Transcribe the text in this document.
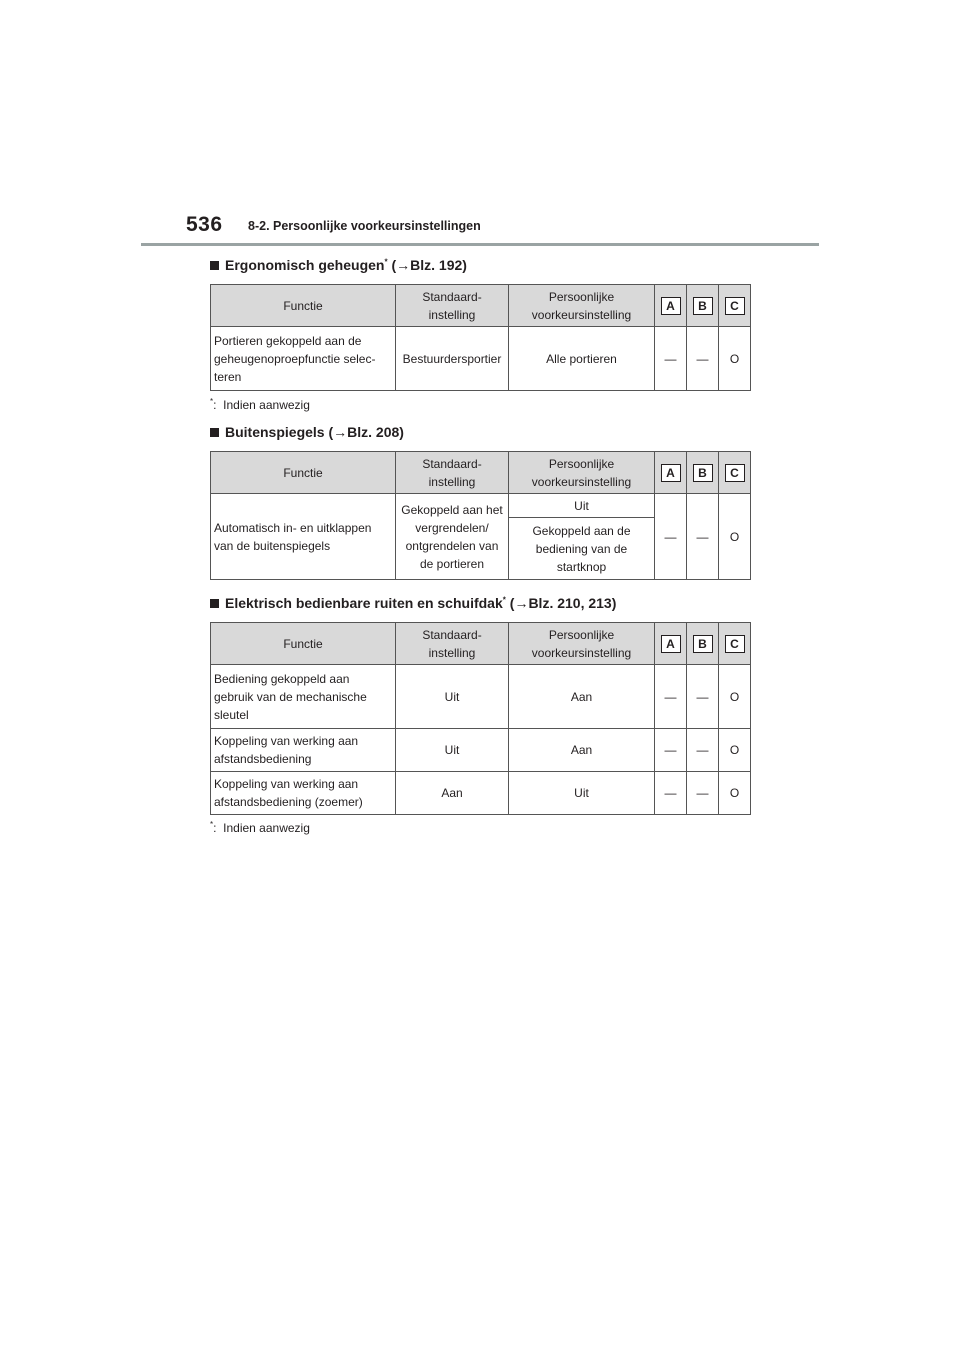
536 8-2. Persoonlijke voorkeursinstellingen
Ergonomisch geheugen* (→Blz. 192)
Functie	Standaard-instelling	Persoonlijke voorkeursinstelling	A	B	C
Portieren gekoppeld aan de geheugenoproepfunctie selec-teren	Bestuurdersportier	Alle portieren	—	—	O
*:  Indien aanwezig
Buitenspiegels (→Blz. 208)
Functie	Standaard-instelling	Persoonlijke voorkeursinstelling	A	B	C
Automatisch in- en uitklappen van de buitenspiegels	Gekoppeld aan het vergrendelen/ ontgrendelen van de portieren	Uit	—	—	O
		Gekoppeld aan de bediening van de startknop			
Elektrisch bedienbare ruiten en schuifdak* (→Blz. 210, 213)
Functie	Standaard-instelling	Persoonlijke voorkeursinstelling	A	B	C
Bediening gekoppeld aan gebruik van de mechanische sleutel	Uit	Aan	—	—	O
Koppeling van werking aan afstandsbediening	Uit	Aan	—	—	O
Koppeling van werking aan afstandsbediening (zoemer)	Aan	Uit	—	—	O
*:  Indien aanwezig
